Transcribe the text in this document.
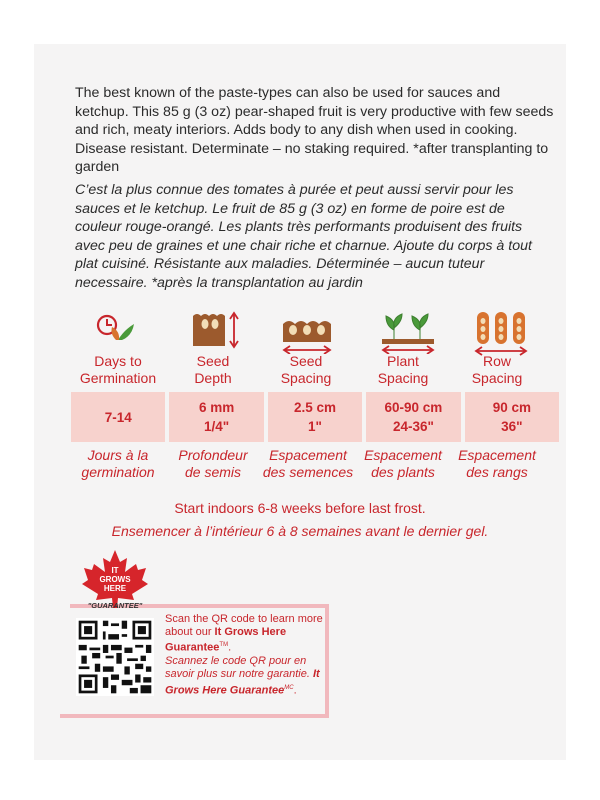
The best known of the paste-types can also be used for sauces and ketchup. This 85 g (3 oz) pear-shaped fruit is very productive with few seeds and rich, meaty interiors. Adds body to any dish when used in cooking. Disease resistant. Determinate – no staking required. *after transplanting to garden
C’est la plus connue des tomates à purée et peut aussi servir pour les sauces et le ketchup. Le fruit de 85 g (3 oz) en forme de poire est de couleur rouge-orangé. Les plants très performants produisent des fruits avec peu de graines et une chair riche et charnue. Ajoute du corps à tout plat cuisiné. Résistante aux maladies. Déterminée – aucun tuteur necessaire. *après la transplantation au jardin
Days to
Germination
Seed
Depth
Seed
Spacing
Plant
Spacing
Row
Spacing
7-14
6 mm
1/4"
2.5 cm
1"
60-90 cm
24-36"
90 cm
36"
Jours à la
germination
Profondeur
de semis
Espacement
des semences
Espacement
des plants
Espacement
des rangs
Start indoors 6-8 weeks before last frost.
Ensemencer à l’intérieur 6 à 8 semaines avant le dernier gel.
IT
GROWS
HERE
"GUARANTEE"
Scan the QR code to learn more about our It Grows Here Guarantee™.
Scannez le code QR pour en savoir plus sur notre garantie. It Grows Here Guarantee$^{MC}$.
